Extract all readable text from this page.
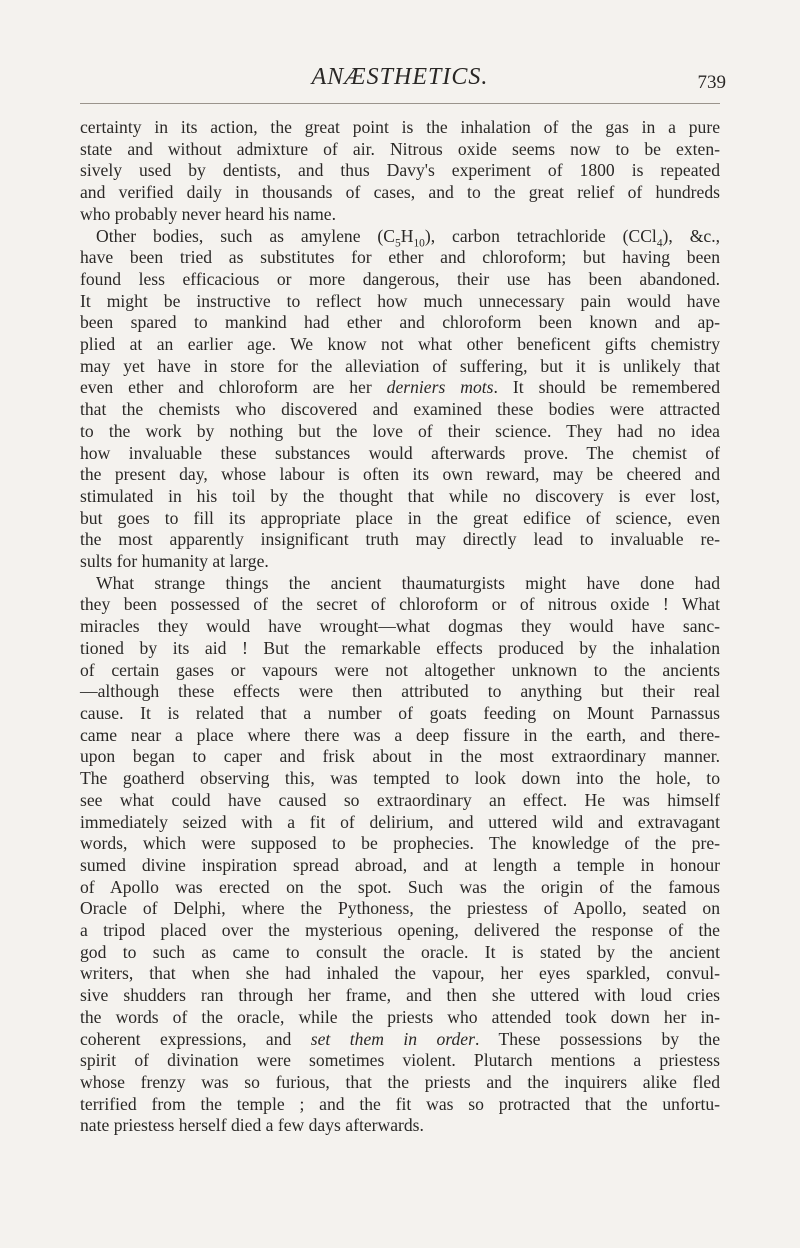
ANÆSTHETICS.	739
certainty in its action, the great point is the inhalation of the gas in a pure
state and without admixture of air. Nitrous oxide seems now to be exten-
sively used by dentists, and thus Davy's experiment of 1800 is repeated
and verified daily in thousands of cases, and to the great relief of hundreds
who probably never heard his name.
Other bodies, such as amylene $(C_5H_{10})$, carbon tetrachloride (CCl$_4$), &c.,
have been tried as substitutes for ether and chloroform; but having been
found less efficacious or more dangerous, their use has been abandoned.
It might be instructive to reflect how much unnecessary pain would have
been spared to mankind had ether and chloroform been known and ap-
plied at an earlier age. We know not what other beneficent gifts chemistry
may yet have in store for the alleviation of suffering, but it is unlikely that
even ether and chloroform are her derniers mots. It should be remembered
that the chemists who discovered and examined these bodies were attracted
to the work by nothing but the love of their science. They had no idea
how invaluable these substances would afterwards prove. The chemist of
the present day, whose labour is often its own reward, may be cheered and
stimulated in his toil by the thought that while no discovery is ever lost,
but goes to fill its appropriate place in the great edifice of science, even
the most apparently insignificant truth may directly lead to invaluable re-
sults for humanity at large.
What strange things the ancient thaumaturgists might have done had
they been possessed of the secret of chloroform or of nitrous oxide ! What
miracles they would have wrought—what dogmas they would have sanc-
tioned by its aid ! But the remarkable effects produced by the inhalation
of certain gases or vapours were not altogether unknown to the ancients
—although these effects were then attributed to anything but their real
cause. It is related that a number of goats feeding on Mount Parnassus
came near a place where there was a deep fissure in the earth, and there-
upon began to caper and frisk about in the most extraordinary manner.
The goatherd observing this, was tempted to look down into the hole, to
see what could have caused so extraordinary an effect. He was himself
immediately seized with a fit of delirium, and uttered wild and extravagant
words, which were supposed to be prophecies. The knowledge of the pre-
sumed divine inspiration spread abroad, and at length a temple in honour
of Apollo was erected on the spot. Such was the origin of the famous
Oracle of Delphi, where the Pythoness, the priestess of Apollo, seated on
a tripod placed over the mysterious opening, delivered the response of the
god to such as came to consult the oracle. It is stated by the ancient
writers, that when she had inhaled the vapour, her eyes sparkled, convul-
sive shudders ran through her frame, and then she uttered with loud cries
the words of the oracle, while the priests who attended took down her in-
coherent expressions, and set them in order. These possessions by the
spirit of divination were sometimes violent. Plutarch mentions a priestess
whose frenzy was so furious, that the priests and the inquirers alike fled
terrified from the temple ; and the fit was so protracted that the unfortu-
nate priestess herself died a few days afterwards.
